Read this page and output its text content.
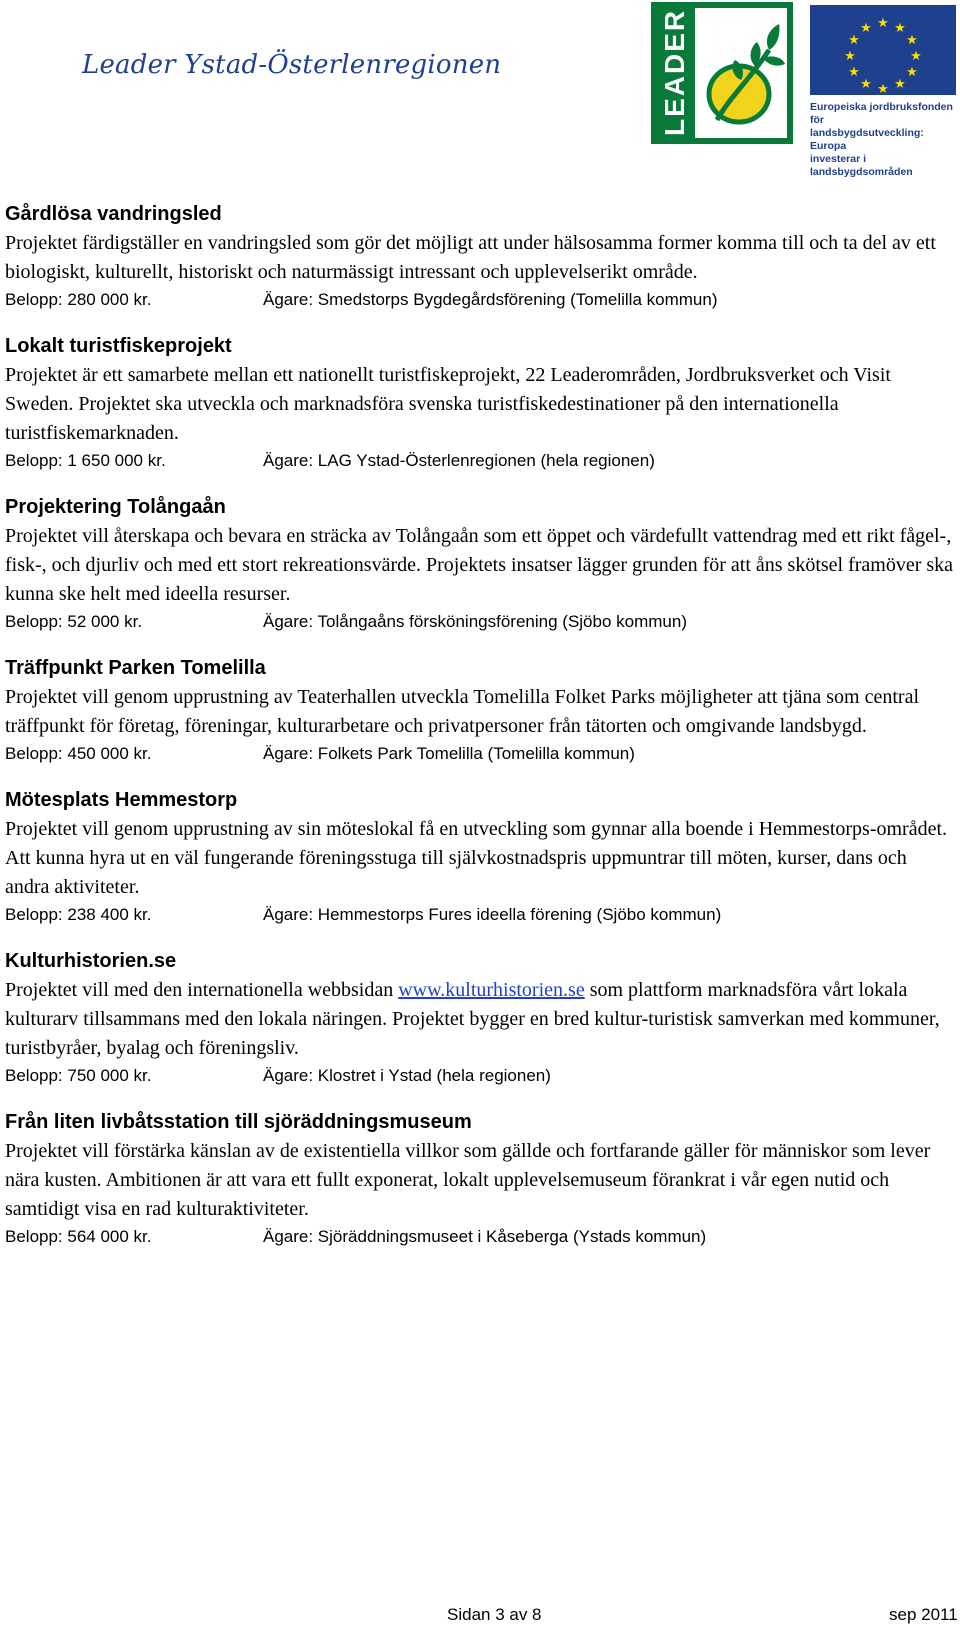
Leader Ystad-Österlenregionen	LEADER	★ ★
★
★
★
★
★
★
★
★
★
★
Europeiska jordbruksfonden för
landsbygdsutveckling: Europa
investerar i landsbygdsområden
Gårdlösa vandringsled

Projektet färdigställer en vandringsled som gör det möjligt att under hälsosamma former komma till och ta del av ett biologiskt, kulturellt, historiskt och naturmässigt intressant och upplevelserikt område.

Belopp: 280 000 kr.	Ägare: Smedstorps Bygdegårdsförening (Tomelilla kommun)
Lokalt turistfiskeprojekt

Projektet är ett samarbete mellan ett nationellt turistfiskeprojekt, 22 Leaderområden, Jordbruksverket och Visit Sweden. Projektet ska utveckla och marknadsföra svenska turistfiskedestinationer på den internationella turistfiskemarknaden.

Belopp: 1 650 000 kr.	Ägare: LAG Ystad-Österlenregionen (hela regionen)
Projektering Tolångaån

Projektet vill återskapa och bevara en sträcka av Tolångaån som ett öppet och värdefullt vattendrag med ett rikt fågel-, fisk-, och djurliv och med ett stort rekreationsvärde. Projektets insatser lägger grunden för att åns skötsel framöver ska kunna ske helt med ideella resurser.

Belopp: 52 000 kr.	Ägare: Tolångaåns försköningsförening (Sjöbo kommun)
Träffpunkt Parken Tomelilla

Projektet vill genom upprustning av Teaterhallen utveckla Tomelilla Folket Parks möjligheter att tjäna som central träffpunkt för företag, föreningar, kulturarbetare och privatpersoner från tätorten och omgivande landsbygd.

Belopp: 450 000 kr.	Ägare: Folkets Park Tomelilla (Tomelilla kommun)
Mötesplats Hemmestorp

Projektet vill genom upprustning av sin möteslokal få en utveckling som gynnar alla boende i Hemmestorps-området. Att kunna hyra ut en väl fungerande föreningsstuga till självkostnadspris uppmuntrar till möten, kurser, dans och andra aktiviteter.

Belopp: 238 400 kr.	Ägare: Hemmestorps Fures ideella förening (Sjöbo kommun)
Kulturhistorien.se

Projektet vill med den internationella webbsidan www.kulturhistorien.se som plattform marknadsföra vårt lokala kulturarv tillsammans med den lokala näringen. Projektet bygger en bred kultur-turistisk samverkan med kommuner, turistbyråer, byalag och föreningsliv.

Belopp: 750 000 kr.	Ägare: Klostret i Ystad (hela regionen)
Från liten livbåtsstation till sjöräddningsmuseum

Projektet vill förstärka känslan av de existentiella villkor som gällde och fortfarande gäller för människor som lever nära kusten. Ambitionen är att vara ett fullt exponerat, lokalt upplevelsemuseum förankrat i vår egen nutid och samtidigt visa en rad kulturaktiviteter.

Belopp: 564 000 kr.	Ägare: Sjöräddningsmuseet i Kåseberga (Ystads kommun)
Sidan 3 av 8	sep 2011
